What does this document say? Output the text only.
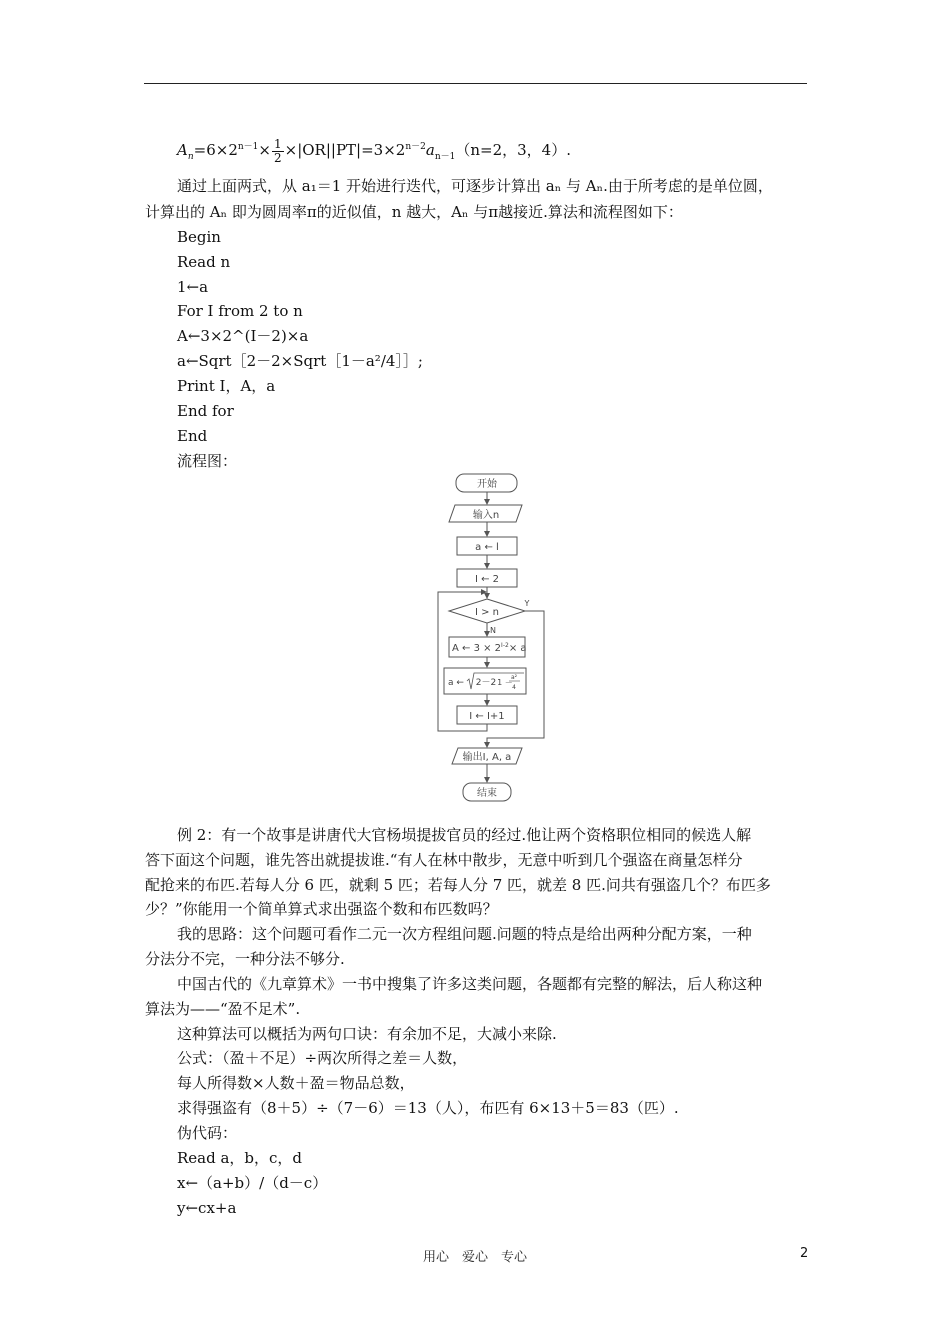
$A_n=6\times 2^{n-1}\times \frac{1}{2} \times|OR||PT|=3\times 2^{n-2}a_{n-1}(n=2$，3，4）.
通过上面两式，从 a₁＝1 开始进行迭代，可逐步计算出 aₙ 与 Aₙ.由于所考虑的是单位圆，
计算出的 Aₙ 即为圆周率π的近似值，n 越大，Aₙ 与π越接近.算法和流程图如下：
Begin
Read n
1←a
For I from 2 to n
A←3×2^(I－2)×a
a←Sqrt［2－2×Sqrt［1－a²/4］］;
Print I，A，a
End for
End
流程图：
开始
输入n
a ← l
I ← 2
I > n
Y
N
A ← $3 \times 2^{I-2}\times a$
a ← 2－2 1 －
a²
4
I ← I+1
输出I, A, a
结束
例 2：有一个故事是讲唐代大官杨埙提拔官员的经过.他让两个资格职位相同的候选人解
答下面这个问题，谁先答出就提拔谁.“有人在林中散步，无意中听到几个强盗在商量怎样分
配抢来的布匹.若每人分 6 匹，就剩 5 匹；若每人分 7 匹，就差 8 匹.问共有强盗几个？布匹多
少？”你能用一个简单算式求出强盗个数和布匹数吗？
我的思路：这个问题可看作二元一次方程组问题.问题的特点是给出两种分配方案，一种
分法分不完，一种分法不够分.
中国古代的《九章算术》一书中搜集了许多这类问题，各题都有完整的解法，后人称这种
算法为——“盈不足术”.
这种算法可以概括为两句口诀：有余加不足，大减小来除.
公式：（盈＋不足）÷两次所得之差＝人数，
每人所得数×人数＋盈＝物品总数，
求得强盗有（8＋5）÷（7－6）＝13（人），布匹有 6×13＋5＝83（匹）.
伪代码：
Read a，b，c，d
x←（a+b）/（d－c）
y←cx+a
用心　爱心　专心	2
